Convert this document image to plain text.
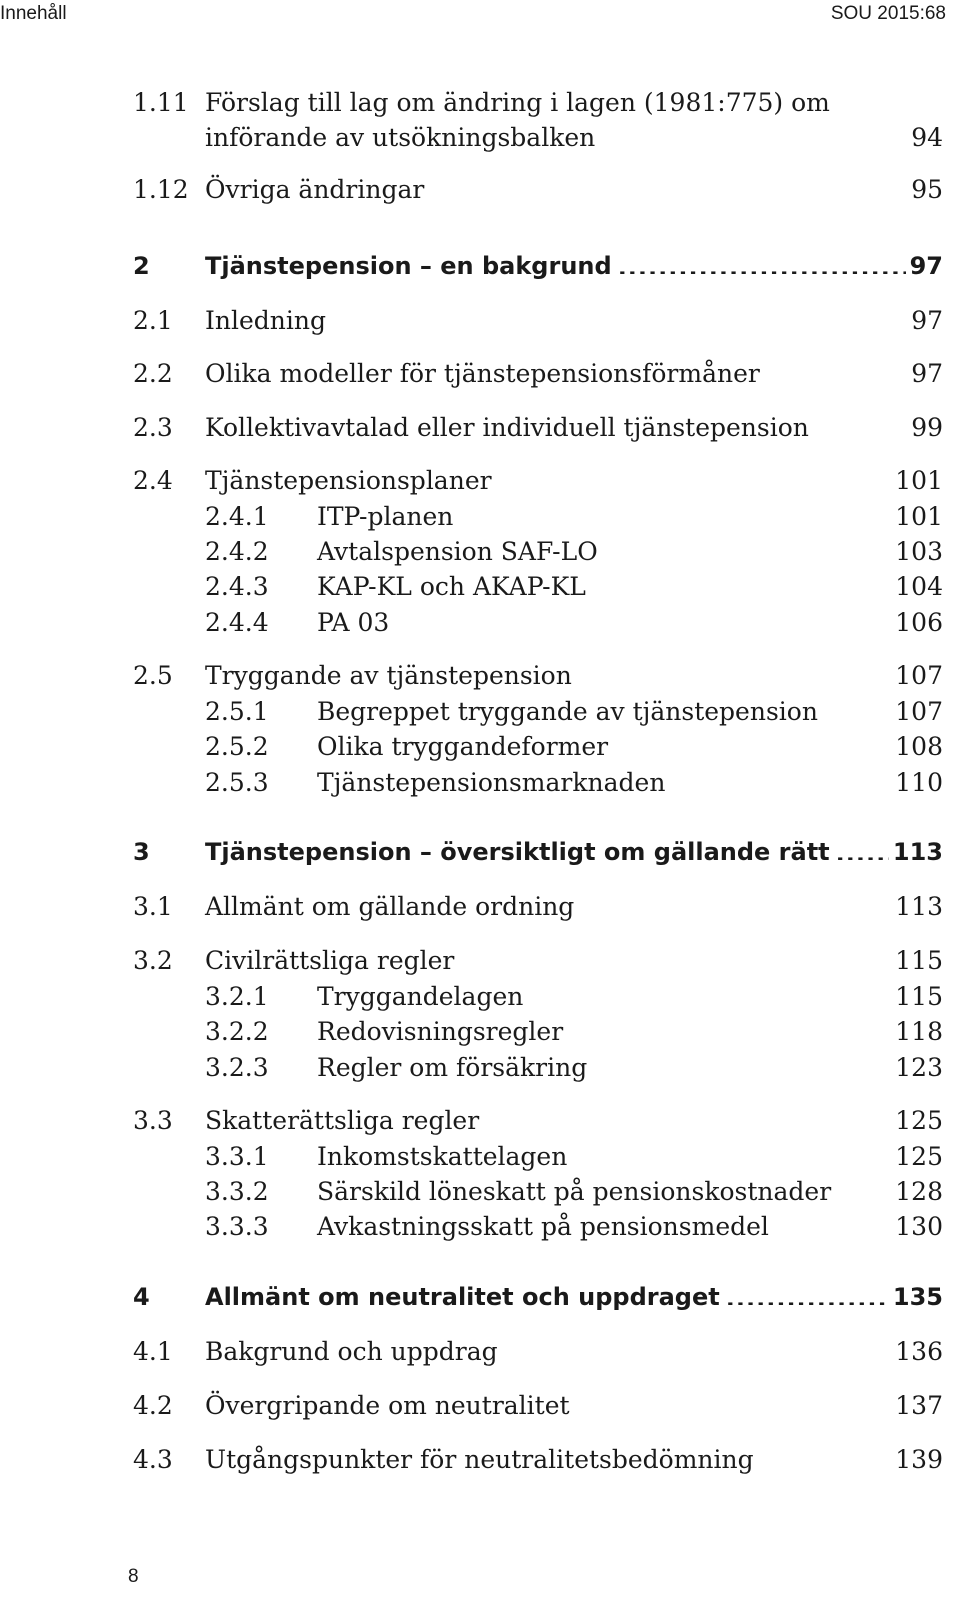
Innehåll	SOU 2015:68
1.11 Förslag till lag om ändring i lagen (1981:775) om
införande av utsökningsbalken .....	94
1.12 Övriga ändringar .....	95
2	Tjänstepension – en bakgrund .....	97
2.1	Inledning .....	97
2.2	Olika modeller för tjänstepensionsförmåner .....	97
2.3	Kollektivavtalad eller individuell tjänstepension .....	99
2.4	Tjänstepensionsplaner .....	101
2.4.1	ITP-planen .....	101
2.4.2	Avtalspension SAF-LO .....	103
2.4.3	KAP-KL och AKAP-KL .....	104
2.4.4	PA 03 .....	106
2.5	Tryggande av tjänstepension .....	107
2.5.1	Begreppet tryggande av tjänstepension .....	107
2.5.2	Olika tryggandeformer .....	108
2.5.3	Tjänstepensionsmarknaden .....	110
3	Tjänstepension – översiktligt om gällande rätt .....	113
3.1	Allmänt om gällande ordning .....	113
3.2	Civilrättsliga regler .....	115
3.2.1	Tryggandelagen .....	115
3.2.2	Redovisningsregler .....	118
3.2.3	Regler om försäkring .....	123
3.3	Skatterättsliga regler .....	125
3.3.1	Inkomstskattelagen .....	125
3.3.2	Särskild löneskatt på pensionskostnader .....	128
3.3.3	Avkastningsskatt på pensionsmedel .....	130
4	Allmänt om neutralitet och uppdraget .....	135
4.1	Bakgrund och uppdrag .....	136
4.2	Övergripande om neutralitet .....	137
4.3	Utgångspunkter för neutralitetsbedömning .....	139
8
